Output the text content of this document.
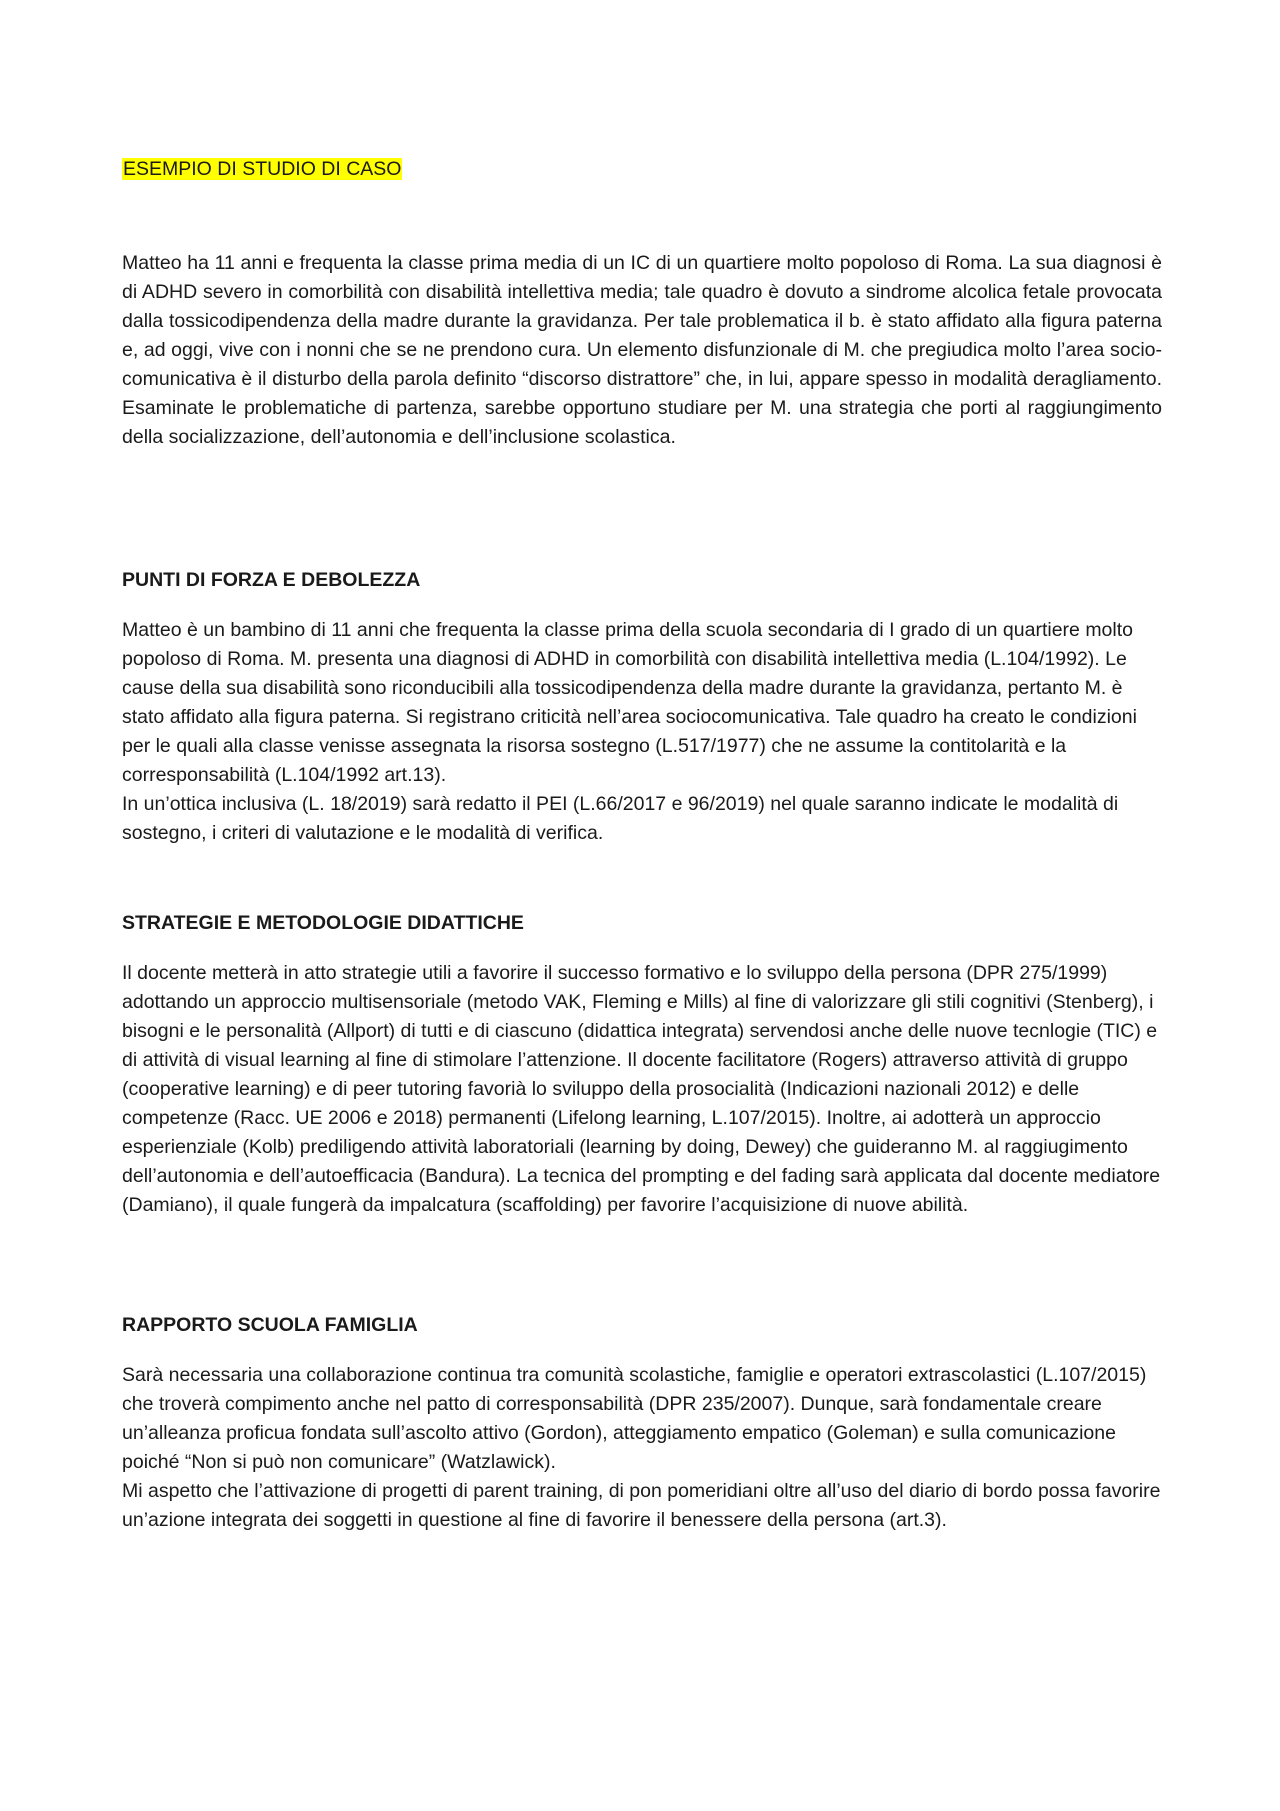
ESEMPIO DI STUDIO DI CASO

Matteo ha 11 anni e frequenta la classe prima media di un IC di un quartiere molto popoloso di Roma. La sua diagnosi è di ADHD severo in comorbilità con disabilità intellettiva media; tale quadro è dovuto a sindrome alcolica fetale provocata dalla tossicodipendenza della madre durante la gravidanza. Per tale problematica il b. è stato affidato alla figura paterna e, ad oggi, vive con i nonni che se ne prendono cura. Un elemento disfunzionale di M. che pregiudica molto l’area socio-comunicativa è il disturbo della parola definito “discorso distrattore” che, in lui, appare spesso in modalità deragliamento. Esaminate le problematiche di partenza, sarebbe opportuno studiare per M. una strategia che porti al raggiungimento della socializzazione, dell’autonomia e dell’inclusione scolastica.

PUNTI DI FORZA E DEBOLEZZA

Matteo è un bambino di 11 anni che frequenta la classe prima della scuola secondaria di I grado di un quartiere molto popoloso di Roma. M. presenta una diagnosi di ADHD in comorbilità con disabilità intellettiva media (L.104/1992). Le cause della sua disabilità sono riconducibili alla tossicodipendenza della madre durante la gravidanza, pertanto M. è stato affidato alla figura paterna. Si registrano criticità nell’area sociocomunicativa. Tale quadro ha creato le condizioni per le quali alla classe venisse assegnata la risorsa sostegno (L.517/1977) che ne assume la contitolarità e la corresponsabilità (L.104/1992 art.13).

In un’ottica inclusiva (L. 18/2019) sarà redatto il PEI (L.66/2017 e 96/2019) nel quale saranno indicate le modalità di sostegno, i criteri di valutazione e le modalità di verifica.

STRATEGIE E METODOLOGIE DIDATTICHE

Il docente metterà in atto strategie utili a favorire il successo formativo e lo sviluppo della persona (DPR 275/1999) adottando un approccio multisensoriale (metodo VAK, Fleming e Mills) al fine di valorizzare gli stili cognitivi (Stenberg), i bisogni e le personalità (Allport) di tutti e di ciascuno (didattica integrata) servendosi anche delle nuove tecnlogie (TIC) e di attività di visual learning al fine di stimolare l’attenzione. Il docente facilitatore (Rogers) attraverso attività di gruppo (cooperative learning) e di peer tutoring favorià lo sviluppo della prosocialità (Indicazioni nazionali 2012) e delle competenze (Racc. UE 2006 e 2018) permanenti (Lifelong learning, L.107/2015). Inoltre, ai adotterà un approccio esperienziale (Kolb) prediligendo attività laboratoriali (learning by doing, Dewey) che guideranno M. al raggiugimento dell’autonomia e dell’autoefficacia (Bandura). La tecnica del prompting e del fading sarà applicata dal docente mediatore (Damiano), il quale fungerà da impalcatura (scaffolding) per favorire l’acquisizione di nuove abilità.

RAPPORTO SCUOLA FAMIGLIA

Sarà necessaria una collaborazione continua tra comunità scolastiche, famiglie e operatori extrascolastici (L.107/2015) che troverà compimento anche nel patto di corresponsabilità (DPR 235/2007). Dunque, sarà fondamentale creare un’alleanza proficua fondata sull’ascolto attivo (Gordon), atteggiamento empatico (Goleman) e sulla comunicazione poiché “Non si può non comunicare” (Watzlawick).

Mi aspetto che l’attivazione di progetti di parent training, di pon pomeridiani oltre all’uso del diario di bordo possa favorire un’azione integrata dei soggetti in questione al fine di favorire il benessere della persona (art.3).
